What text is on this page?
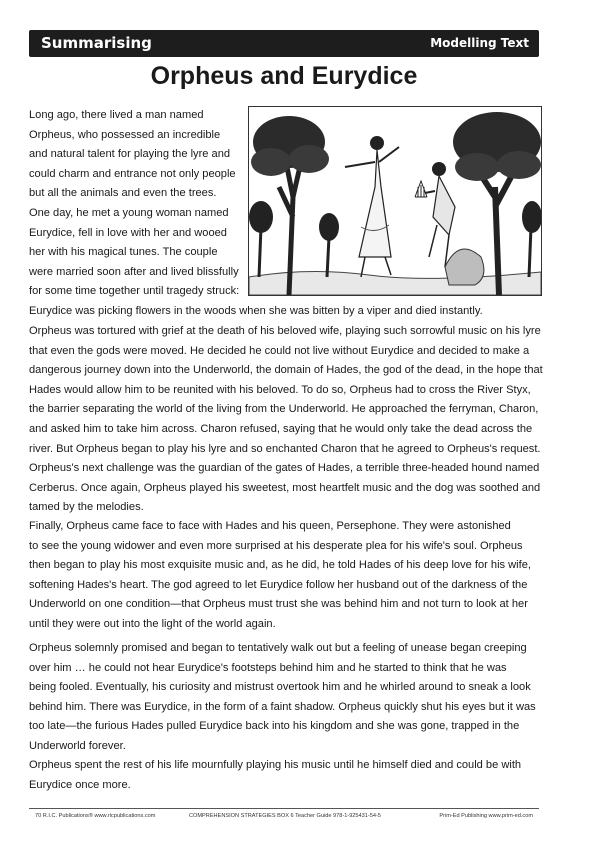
Summarising	Modelling Text
Orpheus and Eurydice
Long ago, there lived a man named
Orpheus, who possessed an incredible
and natural talent for playing the lyre and
could charm and entrance not only people
but all the animals and even the trees.
One day, he met a young woman named
Eurydice, fell in love with her and wooed
her with his magical tunes. The couple
were married soon after and lived blissfully
for some time together until tragedy struck:
Eurydice was picking flowers in the woods when she was bitten by a viper and died instantly.
Orpheus was tortured with grief at the death of his beloved wife, playing such sorrowful music on his lyre
that even the gods were moved. He decided he could not live without Eurydice and decided to make a
dangerous journey down into the Underworld, the domain of Hades, the god of the dead, in the hope that
Hades would allow him to be reunited with his beloved. To do so, Orpheus had to cross the River Styx,
the barrier separating the world of the living from the Underworld. He approached the ferryman, Charon,
and asked him to take him across. Charon refused, saying that he would only take the dead across the
river. But Orpheus began to play his lyre and so enchanted Charon that he agreed to Orpheus's request.
Orpheus's next challenge was the guardian of the gates of Hades, a terrible three-headed hound named
Cerberus. Once again, Orpheus played his sweetest, most heartfelt music and the dog was soothed and
tamed by the melodies.
Finally, Orpheus came face to face with Hades and his queen, Persephone. They were astonished
to see the young widower and even more surprised at his desperate plea for his wife's soul. Orpheus
then began to play his most exquisite music and, as he did, he told Hades of his deep love for his wife,
softening Hades's heart. The god agreed to let Eurydice follow her husband out of the darkness of the
Underworld on one condition—that Orpheus must trust she was behind him and not turn to look at her
until they were out into the light of the world again.
Orpheus solemnly promised and began to tentatively walk out but a feeling of unease began creeping
over him … he could not hear Eurydice's footsteps behind him and he started to think that he was
being fooled. Eventually, his curiosity and mistrust overtook him and he whirled around to sneak a look
behind him. There was Eurydice, in the form of a faint shadow. Orpheus quickly shut his eyes but it was
too late—the furious Hades pulled Eurydice back into his kingdom and she was gone, trapped in the
Underworld forever.
Orpheus spent the rest of his life mournfully playing his music until he himself died and could be with
Eurydice once more.
70 R.I.C. Publications® www.ricpublications.com	COMPREHENSION STRATEGIES BOX 6 Teacher Guide 978-1-925431-54-5	Prim-Ed Publishing www.prim-ed.com
